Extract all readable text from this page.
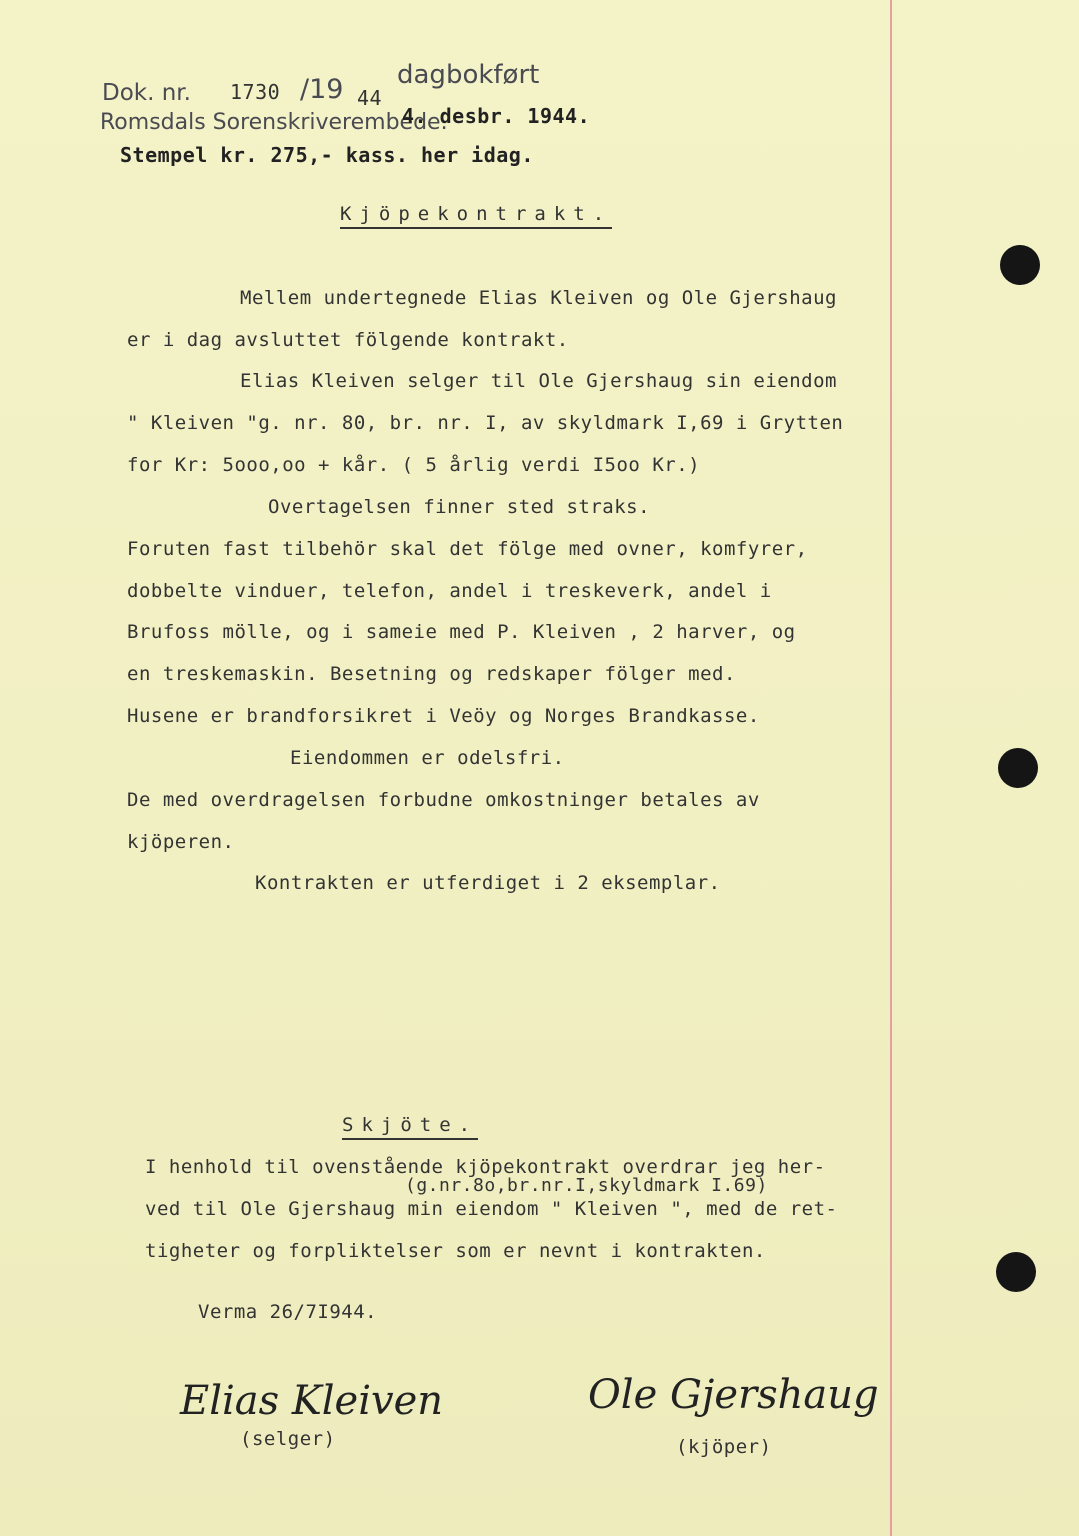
Dok. nr. 1730 /19 44
dagbokført
Romsdals Sorenskriverembede.
4. desbr. 1944.
Stempel kr. 275,- kass. her idag.
Kjöpekontrakt.
Mellem undertegnede Elias Kleiven og Ole Gjershaug
er i dag avsluttet fölgende kontrakt.
Elias Kleiven selger til Ole Gjershaug sin eiendom
" Kleiven "g. nr. 80, br. nr. I, av skyldmark I,69 i Grytten
for Kr: 5ooo,oo + kår. ( 5 årlig verdi I5oo Kr.)
Overtagelsen finner sted straks.
Foruten fast tilbehör skal det fölge med ovner, komfyrer,
dobbelte vinduer, telefon, andel i treskeverk, andel i
Brufoss mölle, og i sameie med P. Kleiven , 2 harver, og
en treskemaskin. Besetning og redskaper fölger med.
Husene er brandforsikret i Veöy og Norges Brandkasse.
Eiendommen er odelsfri.
De med overdragelsen forbudne omkostninger betales av
kjöperen.
Kontrakten er utferdiget i 2 eksemplar.
Skjöte.
I henhold til ovenstående kjöpekontrakt overdrar jeg her-
(g.nr.8o,br.nr.I,skyldmark I.69)
ved til Ole Gjershaug min eiendom " Kleiven ", med de ret-
tigheter og forpliktelser som er nevnt i kontrakten.
Verma 26/7I944.
Elias Kleiven
(selger)
Ole Gjershaug
(kjöper)
